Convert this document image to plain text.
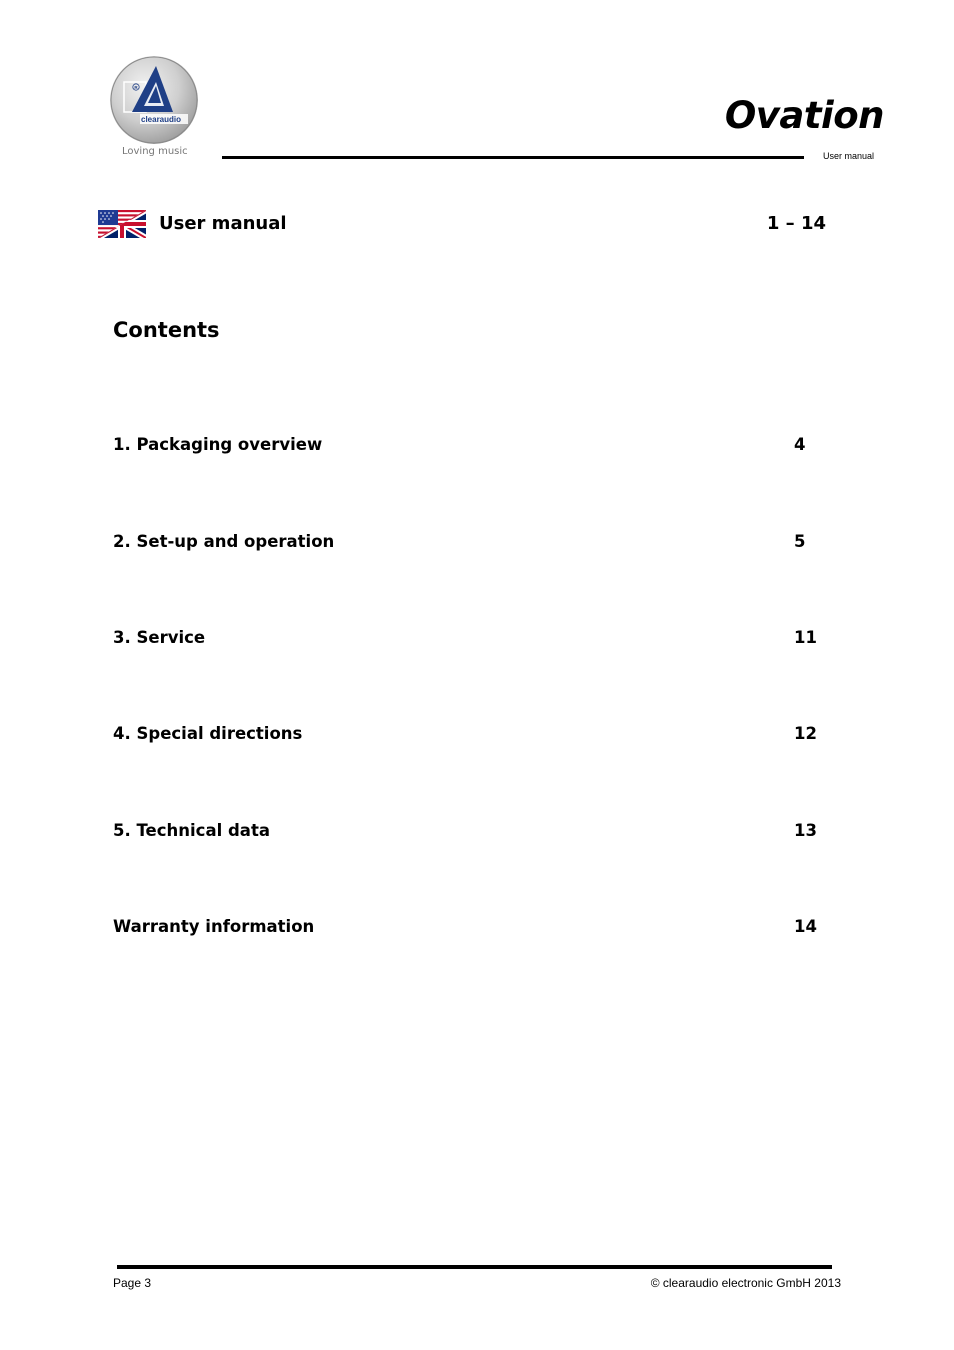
R
clearaudio
Loving music
Ovation
User manual
User manual	1 – 14
Contents
1. Packaging overview	4
2. Set-up and operation	5
3. Service	11
4. Special directions	12
5. Technical data	13
Warranty information	14
Page 3	© clearaudio electronic GmbH 2013
